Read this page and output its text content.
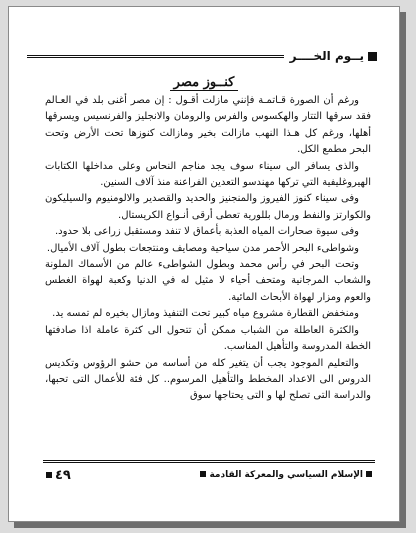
يــوم الخــــر
كنــوز مصر

ورغم أن الصورة قـاتمـة فإنني مازلت أقـول : إن مصر أغنى بلد في العـالم فقد سرقها التتار والهكسوس والفرس والرومان والانجليز والفرنسيس ويسرقها أهلها، ورغم كل هـذا النهب مازالت بخير ومازالت كنوزها تحت الأرض وتحت البحر مطمع الكل.

والذى يسافر الى سيناء سوف يجد مناجم النحاس وعلى مداخلها الكتابات الهيروغليفية التي تركها مهندسو التعدين الفراعنة منذ آلاف السنين.

وفى سيناء كنوز الفيروز والمنجنيز والحديد والقصدير والالومنيوم والسيليكون والكوارتز والنفط ورمال بللورية تعطى أرقى أنـواع الكريستال.

وفى سيوة صحارات المياه العذبة بأعماق لا تنفد ومستقبل زراعى بلا حدود.

وشواطىء البحر الأحمر مدن سياحية ومصايف ومنتجعات بطول آلاف الأميال.

وتحت البحر في رأس محمد وبطول الشواطىء عالم من الأسماك الملونة والشعاب المرجانية ومتحف أحياء لا مثيل له في الدنيا وكعبة لهواة الغطس والعوم ومزار لهواة الأبحاث المائية.

ومنخفض القطارة مشروع مياه كبير تحت التنفيذ ومازال بخيره لم تمسه يد.

والكثرة العاطلة من الشباب ممكن أن تتحول الى كثرة عاملة اذا صادفتها الخطة المدروسة والتأهيل المناسب.

والتعليم الموجود يجب أن يتغير كله من أساسه من حشو الرؤوس وتكديس الدروس الى الاعداد المخطط والتأهيل المرسوم.. كل فئة للأعمال التى تحبها، والدراسة التى تصلح لها و التى يحتاجها سوق

الإسلام السياسي والمعركة القادمة
٤٩
